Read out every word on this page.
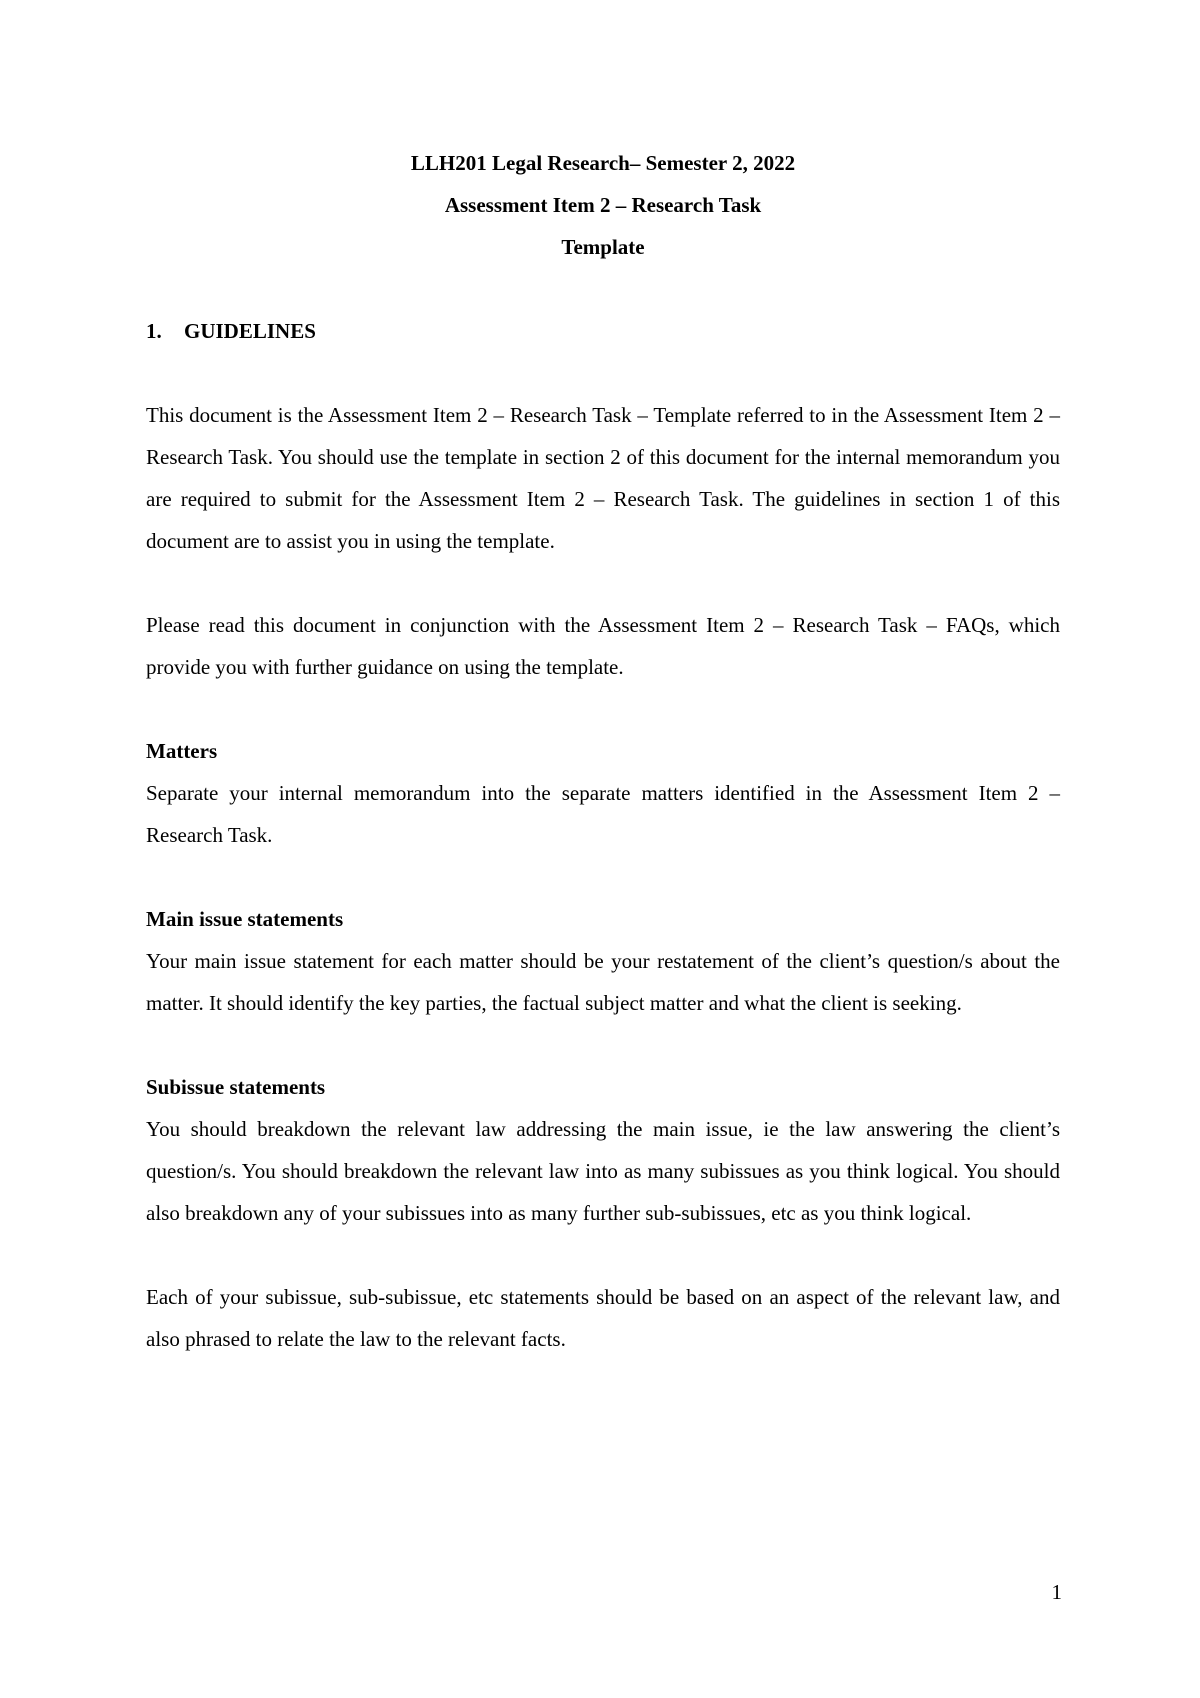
LLH201 Legal Research– Semester 2, 2022

Assessment Item 2 – Research Task

Template

1.	GUIDELINES

This document is the Assessment Item 2 – Research Task – Template referred to in the Assessment Item 2 – Research Task. You should use the template in section 2 of this document for the internal memorandum you are required to submit for the Assessment Item 2 – Research Task. The guidelines in section 1 of this document are to assist you in using the template.

Please read this document in conjunction with the Assessment Item 2 – Research Task – FAQs, which provide you with further guidance on using the template.

Matters

Separate your internal memorandum into the separate matters identified in the Assessment Item 2 – Research Task.

Main issue statements

Your main issue statement for each matter should be your restatement of the client’s question/s about the matter. It should identify the key parties, the factual subject matter and what the client is seeking.

Subissue statements

You should breakdown the relevant law addressing the main issue, ie the law answering the client’s question/s. You should breakdown the relevant law into as many subissues as you think logical. You should also breakdown any of your subissues into as many further sub-subissues, etc as you think logical.

Each of your subissue, sub-subissue, etc statements should be based on an aspect of the relevant law, and also phrased to relate the law to the relevant facts.

1
